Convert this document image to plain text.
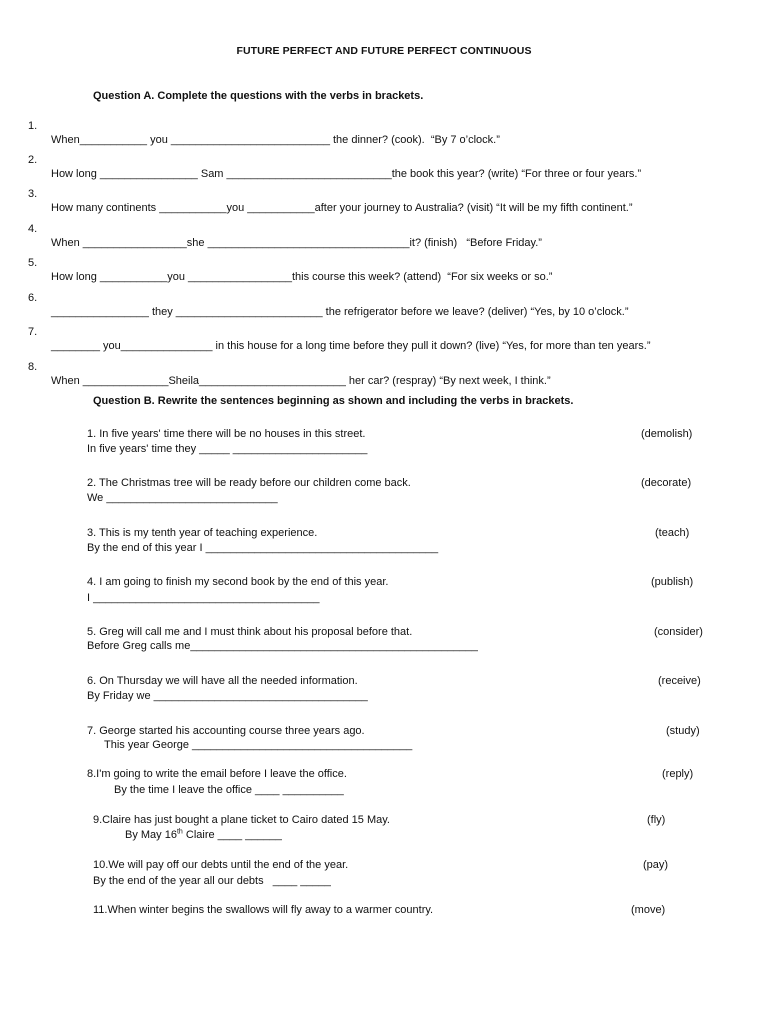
FUTURE PERFECT AND FUTURE PERFECT CONTINUOUS
Question A. Complete the questions with the verbs in brackets.

1.

When___________ you __________________________ the dinner? (cook).  “By 7 o’clock.”

2.

How long ________________ Sam ___________________________the book this year? (write) “For three or four years.”

3.

How many continents ___________you ___________after your journey to Australia? (visit) “It will be my fifth continent.”

4.

When _________________she _________________________________it? (finish)   “Before Friday.”

5.

How long ___________you _________________this course this week? (attend)  “For six weeks or so.”

6.

________________ they ________________________ the refrigerator before we leave? (deliver) “Yes, by 10 o’clock.”

7.

________ you_______________ in this house for a long time before they pull it down? (live) “Yes, for more than ten years.”

8.

When ______________Sheila________________________ her car? (respray) “By next week, I think.”

Question B. Rewrite the sentences beginning as shown and including the verbs in brackets.
1. In five years' time there will be no houses in this street.	(demolish)
In five years' time they _____ ______________________
2. The Christmas tree will be ready before our children come back.	(decorate)
We ____________________________
3. This is my tenth year of teaching experience.	(teach)
By the end of this year I ______________________________________
4. I am going to finish my second book by the end of this year.	(publish)
I _____________________________________
5. Greg will call me and I must think about his proposal before that.	(consider)
Before Greg calls me_______________________________________________
6. On Thursday we will have all the needed information.	(receive)
By Friday we ___________________________________
7. George started his accounting course three years ago.	(study)
This year George ____________________________________
8.I'm going to write the email before I leave the office.	(reply)
By the time I leave the office ____ __________
9.Claire has just bought a plane ticket to Cairo dated 15 May.	(fly)
By May 16th Claire ____ ______
10.We will pay off our debts until the end of the year.	(pay)
By the end of the year all our debts   ____ _____
11.When winter begins the swallows will fly away to a warmer country.	(move)
